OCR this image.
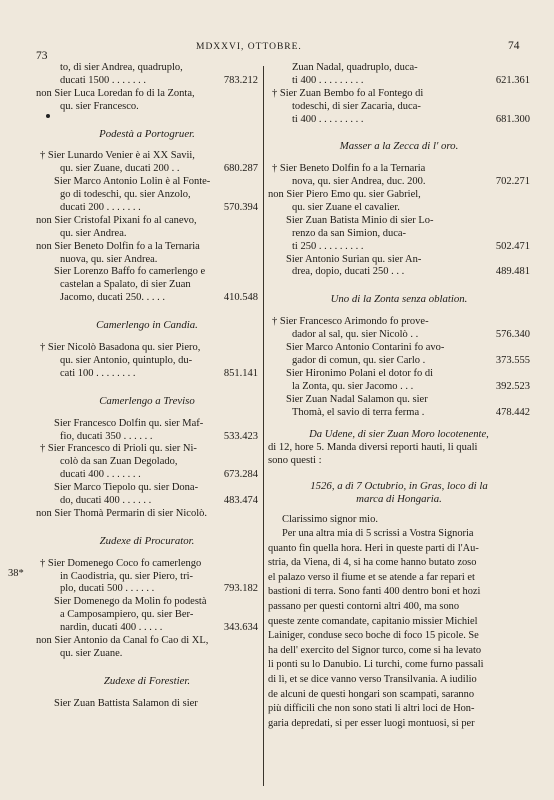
73
MDXXVI, OTTOBRE.	74
38*
to, di sier Andrea, quadruplo,
ducati 1500 . . . . . . .	783.212
non Sier Luca Loredan fo di la Zonta,
qu. sier Francesco.
Podestà a Portogruer.
† Sier Lunardo Venier è ai XX Savii,
qu. sier Zuane, ducati 200 . .	680.287
Sier Marco Antonio Lolin è al Fonte-
go di todeschi, qu. sier Anzolo,
ducati 200 . . . . . . .	570.394
non Sier Cristofal Pixani fo al canevo,
qu. sier Andrea.
non Sier Beneto Dolfin fo a la Ternaria
nuova, qu. sier Andrea.
Sier Lorenzo Baffo fo camerlengo e
castelan a Spalato, di sier Zuan
Jacomo, ducati 250. . . . .	410.548
Camerlengo in Candia.
† Sier Nicolò Basadona qu. sier Piero,
qu. sier Antonio, quintuplo, du-
cati 100 . . . . . . . .	851.141
Camerlengo a Treviso
Sier Francesco Dolfin qu. sier Maf-
fio, ducati 350 . . . . . .	533.423
† Sier Francesco di Prioli qu. sier Ni-
colò da san Zuan Degolado,
ducati 400 . . . . . . .	673.284
Sier Marco Tiepolo qu. sier Dona-
do, ducati 400 . . . . . .	483.474
non Sier Thomà Permarin di sier Nicolò.
Zudexe di Procurator.
† Sier Domenego Coco fo camerlengo
in Caodistria, qu. sier Piero, tri-
plo, ducati 500 . . . . . .	793.182
Sier Domenego da Molin fo podestà
a Camposampiero, qu. sier Ber-
nardin, ducati 400 . . . . .	343.634
non Sier Antonio da Canal fo Cao di XL,
qu. sier Zuane.
Zudexe di Forestier.
Sier Zuan Battista Salamon di sier
Zuan Nadal, quadruplo, duca-
ti 400 . . . . . . . . .	621.361
† Sier Zuan Bembo fo al Fontego di
todeschi, di sier Zacaria, duca-
ti 400 . . . . . . . . .	681.300
Masser a la Zecca di l' oro.
† Sier Beneto Dolfin fo a la Ternaria
nova, qu. sier Andrea, duc. 200.	702.271
non Sier Piero Emo qu. sier Gabriel,
qu. sier Zuane el cavalier.
Sier Zuan Batista Minio di sier Lo-
renzo da san Simion, duca-
ti 250 . . . . . . . . .	502.471
Sier Antonio Surian qu. sier An-
drea, dopio, ducati 250 . . .	489.481
Uno di la Zonta senza oblation.
† Sier Francesco Arimondo fo prove-
dador al sal, qu. sier Nicolò . .	576.340
Sier Marco Antonio Contarini fo avo-
gador di comun, qu. sier Carlo .	373.555
Sier Hironimo Polani el dotor fo di
la Zonta, qu. sier Jacomo . . .	392.523
Sier Zuan Nadal Salamon qu. sier
Thomà, el savio di terra ferma .	478.442
Da Udene, di sier Zuan Moro locotenente,
di 12, hore 5. Manda diversi reporti hauti, li quali
sono questi :
1526, a dì 7 Octubrio, in Gras, loco di la
marca di Hongaria.
Clarissimo signor mio.
Per una altra mia di 5 scrissi a Vostra Signoria
quanto fin quella hora. Heri in queste parti di l'Au-
stria, da Viena, di 4, si ha come hanno butato zoso
el palazo verso il fiume et se atende a far repari et
bastioni di terra. Sono fanti 400 dentro boni et hozi
passano per questi contorni altri 400, ma sono
queste zente comandate, capitanio missier Michiel
Lainiger, conduse seco boche di foco 15 picole. Se
ha dell' exercito del Signor turco, come si ha levato
li ponti su lo Danubio. Li turchi, come furno passali
di lì, et se dice vanno verso Transilvania. A iudilio
de alcuni de questi hongari son scampati, saranno
più difficili che non sono stati li altri loci de Hon-
garia depredati, si per esser luogi montuosi, si per
